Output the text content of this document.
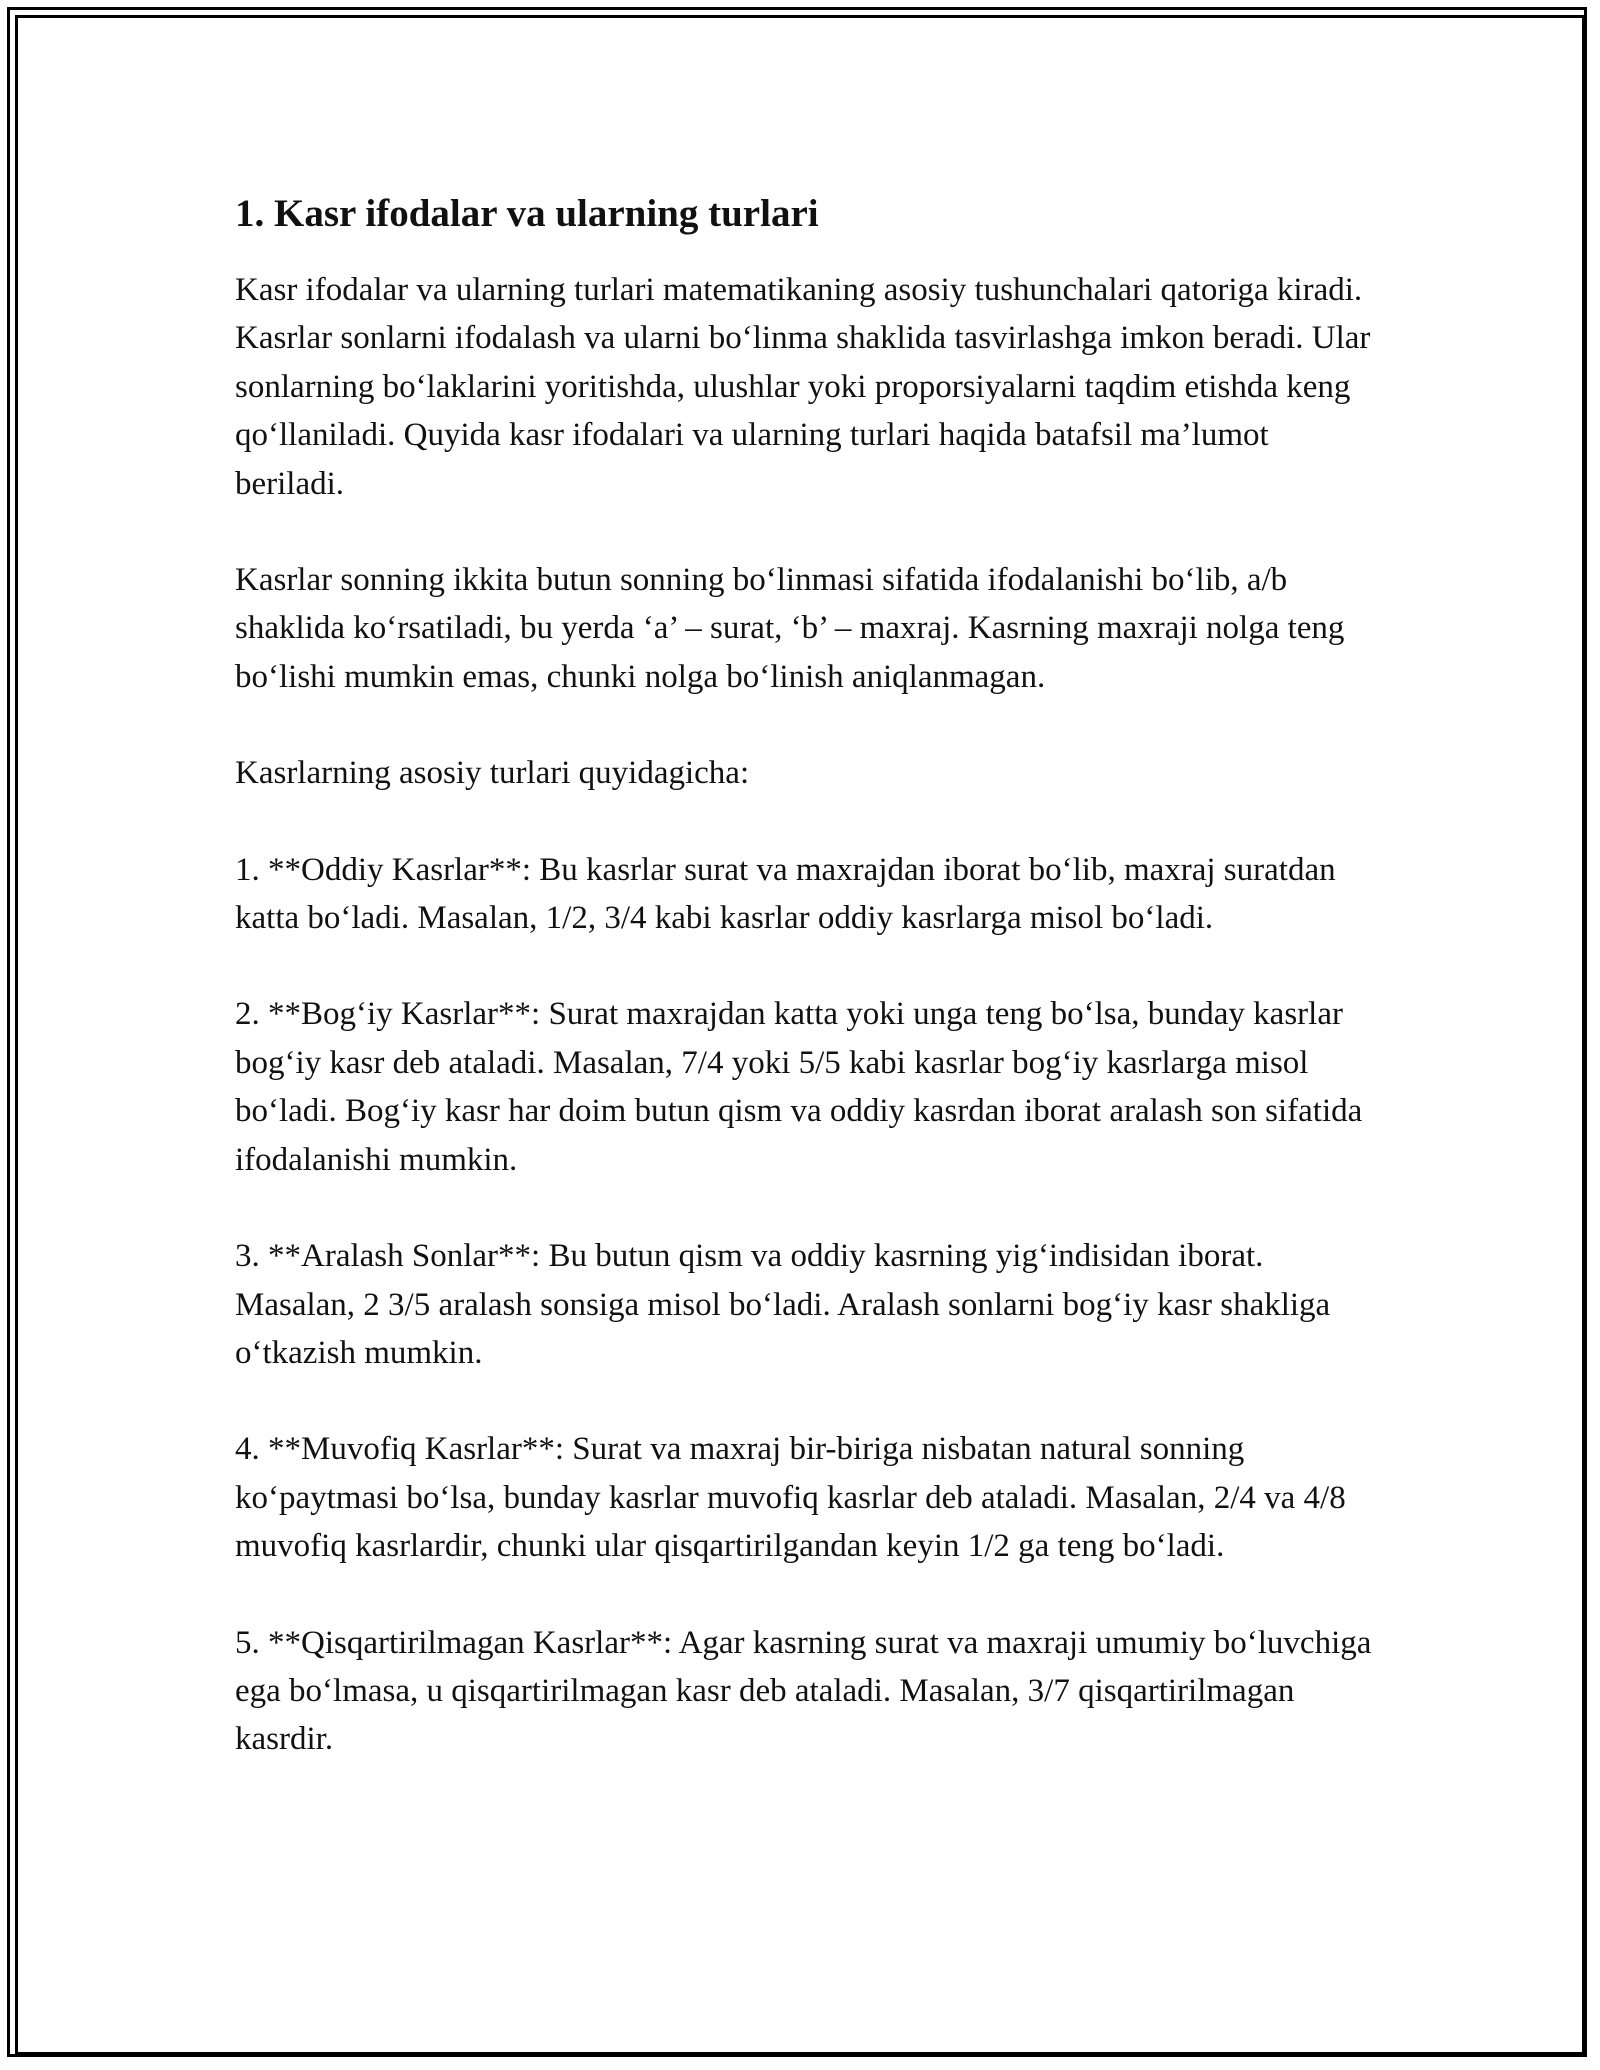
1. Kasr ifodalar va ularning turlari

Kasr ifodalar va ularning turlari matematikaning asosiy tushunchalari qatoriga kiradi. Kasrlar sonlarni ifodalash va ularni bo‘linma shaklida tasvirlashga imkon beradi. Ular sonlarning bo‘laklarini yoritishda, ulushlar yoki proporsiyalarni taqdim etishda keng qo‘llaniladi. Quyida kasr ifodalari va ularning turlari haqida batafsil ma’lumot beriladi.

Kasrlar sonning ikkita butun sonning bo‘linmasi sifatida ifodalanishi bo‘lib, a/b shaklida ko‘rsatiladi, bu yerda ‘a’ – surat, ‘b’ – maxraj. Kasrning maxraji nolga teng bo‘lishi mumkin emas, chunki nolga bo‘linish aniqlanmagan.

Kasrlarning asosiy turlari quyidagicha:

1. **Oddiy Kasrlar**: Bu kasrlar surat va maxrajdan iborat bo‘lib, maxraj suratdan katta bo‘ladi. Masalan, 1/2, 3/4 kabi kasrlar oddiy kasrlarga misol bo‘ladi.

2. **Bog‘iy Kasrlar**: Surat maxrajdan katta yoki unga teng bo‘lsa, bunday kasrlar bog‘iy kasr deb ataladi. Masalan, 7/4 yoki 5/5 kabi kasrlar bog‘iy kasrlarga misol bo‘ladi. Bog‘iy kasr har doim butun qism va oddiy kasrdan iborat aralash son sifatida ifodalanishi mumkin.

3. **Aralash Sonlar**: Bu butun qism va oddiy kasrning yig‘indisidan iborat. Masalan, 2 3/5 aralash sonsiga misol bo‘ladi. Aralash sonlarni bog‘iy kasr shakliga o‘tkazish mumkin.

4. **Muvofiq Kasrlar**: Surat va maxraj bir-biriga nisbatan natural sonning ko‘paytmasi bo‘lsa, bunday kasrlar muvofiq kasrlar deb ataladi. Masalan, 2/4 va 4/8 muvofiq kasrlardir, chunki ular qisqartirilgandan keyin 1/2 ga teng bo‘ladi.

5. **Qisqartirilmagan Kasrlar**: Agar kasrning surat va maxraji umumiy bo‘luvchiga ega bo‘lmasa, u qisqartirilmagan kasr deb ataladi. Masalan, 3/7 qisqartirilmagan kasrdir.
